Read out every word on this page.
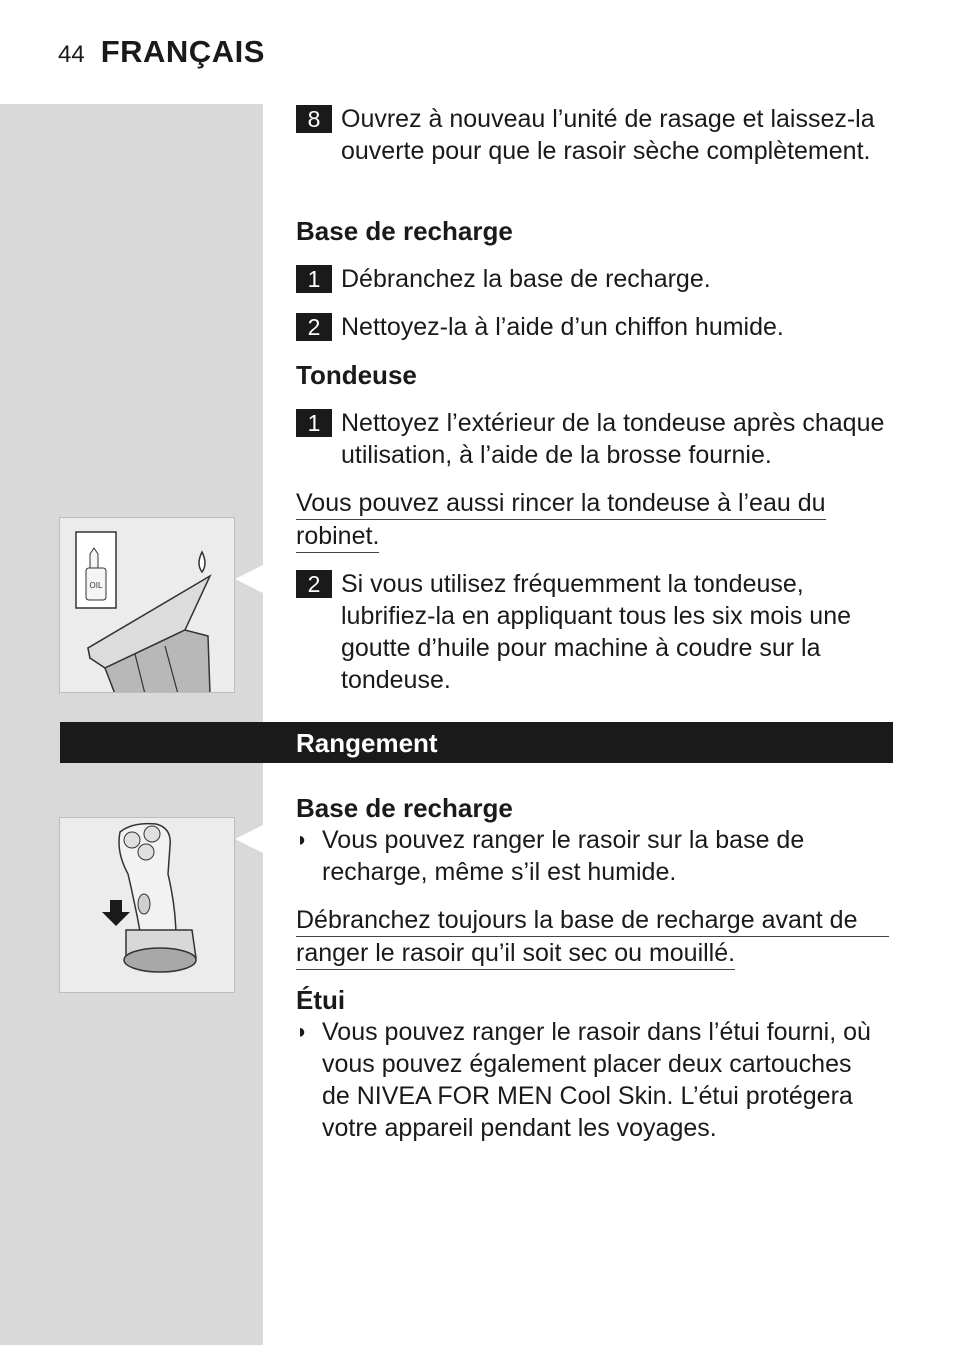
44 FRANÇAIS
8 Ouvrez à nouveau l’unité de rasage et laissez-la ouverte pour que le rasoir sèche complètement.
Base de recharge
1 Débranchez la base de recharge.
2 Nettoyez-la à l’aide d’un chiffon humide.
Tondeuse
1 Nettoyez l’extérieur de la tondeuse après chaque utilisation, à l’aide de la brosse fournie.
Vous pouvez aussi rincer la tondeuse à l’eau du
robinet.
2 Si vous utilisez fréquemment la tondeuse, lubrifiez-la en appliquant tous les six mois une goutte d’huile pour machine à coudre sur la tondeuse.
OIL
Rangement
Base de recharge
◗ Vous pouvez ranger le rasoir sur la base de recharge, même s’il est humide.
Débranchez toujours la base de recharge avant de
ranger le rasoir qu’il soit sec ou mouillé.
Étui
◗ Vous pouvez ranger le rasoir dans l’étui fourni, où vous pouvez également placer deux cartouches de NIVEA FOR MEN Cool Skin. L’étui protégera votre appareil pendant les voyages.
